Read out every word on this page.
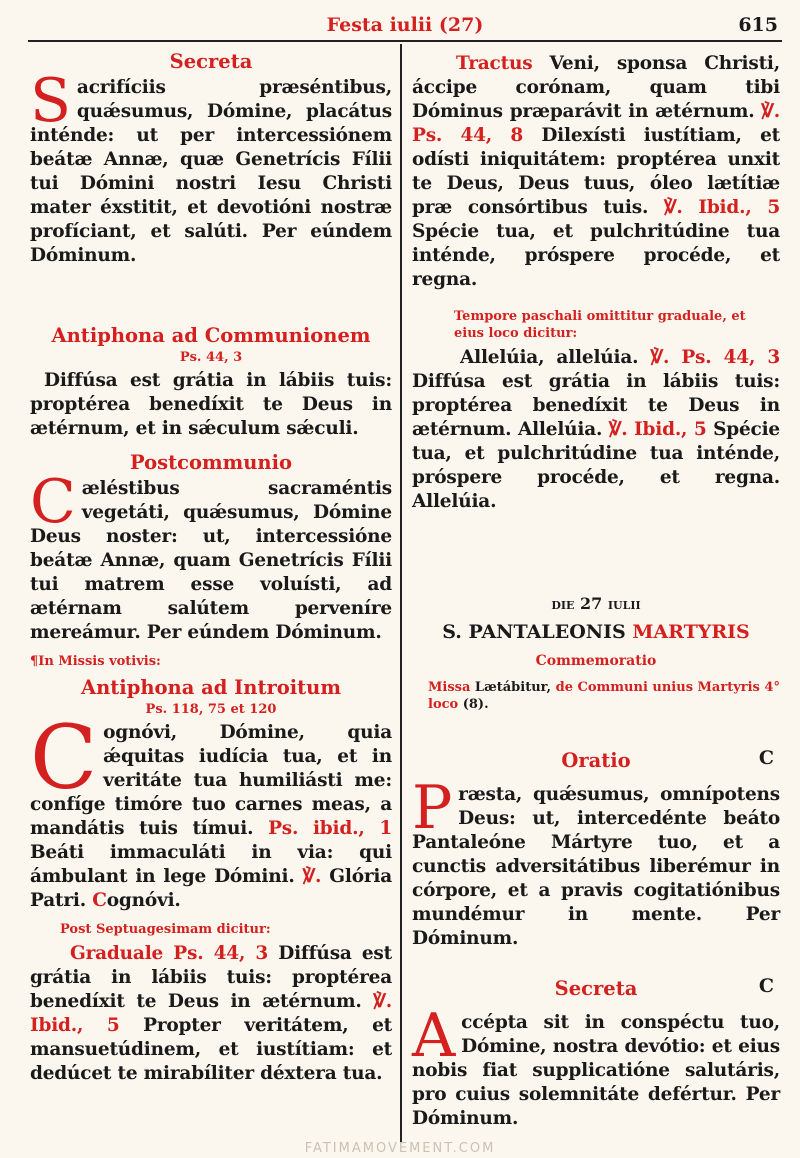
Festa iulii (27)	615
Secreta

Sacrifíciis præséntibus, quǽsumus, Dómine, placátus inténde: ut per intercessiónem beátæ Annæ, quæ Genetrícis Fílii tui Dómini nostri Iesu Christi mater éxstitit, et devotióni nostræ profíciant, et salúti. Per eúndem Dóminum.

Antiphona ad Communionem
Ps. 44, 3

Diffúsa est grátia in lábiis tuis: proptérea benedíxit te Deus in ætérnum, et in sǽculum sǽculi.

Postcommunio

Cæléstibus sacraméntis vegetáti, quǽsumus, Dómine Deus noster: ut, intercessióne beátæ Annæ, quam Genetrícis Fílii tui matrem esse voluísti, ad ætérnam salútem perveníre mereámur. Per eúndem Dóminum.

¶In Missis votivis:
Antiphona ad Introitum
Ps. 118, 75 et 120

Cognóvi, Dómine, quia ǽquitas iudícia tua, et in veritáte tua humiliásti me: confíge timóre tuo carnes meas, a mandátis tuis tímui. Ps. ibid., 1 Beáti immaculáti in via: qui ámbulant in lege Dómini. ℣. Glória Patri. Cognóvi.

Post Septuagesimam dicitur:

Graduale Ps. 44, 3 Diffúsa est grátia in lábiis tuis: proptérea benedíxit te Deus in ætérnum. ℣. Ibid., 5 Propter veritátem, et mansuetúdinem, et iustítiam: et dedúcet te mirabíliter déxtera tua.

Tractus Veni, sponsa Christi, áccipe corónam, quam tibi Dóminus præparávit in ætérnum. ℣. Ps. 44, 8 Dilexísti iustítiam, et odísti iniquitátem: proptérea unxit te Deus, Deus tuus, óleo lætítiæ præ consórtibus tuis. ℣. Ibid., 5 Spécie tua, et pulchritúdine tua inténde, próspere procéde, et regna.

Tempore paschali omittitur graduale, et eius loco dicitur:

Allelúia, allelúia. ℣. Ps. 44, 3 Diffúsa est grátia in lábiis tuis: proptérea benedíxit te Deus in ætérnum. Allelúia. ℣. Ibid., 5 Spécie tua, et pulchritúdine tua inténde, próspere procéde, et regna. Allelúia.

die 27 iulii
S. PANTALEONIS MARTYRIS
Commemoratio
Missa Lætábitur, de Communi unius Martyris 4° loco (8).
Oratio	C

Præsta, quǽsumus, omnípotens Deus: ut, intercedénte beáto Pantaleóne Mártyre tuo, et a cunctis adversitátibus liberémur in córpore, et a pravis cogitatiónibus mundémur in mente. Per Dóminum.

Secreta	C

Accépta sit in conspéctu tuo, Dómine, nostra devótio: et eius nobis fiat supplicatióne salutáris, pro cuius solemnitáte defértur. Per Dóminum.

FATIMAMOVEMENT.COM
